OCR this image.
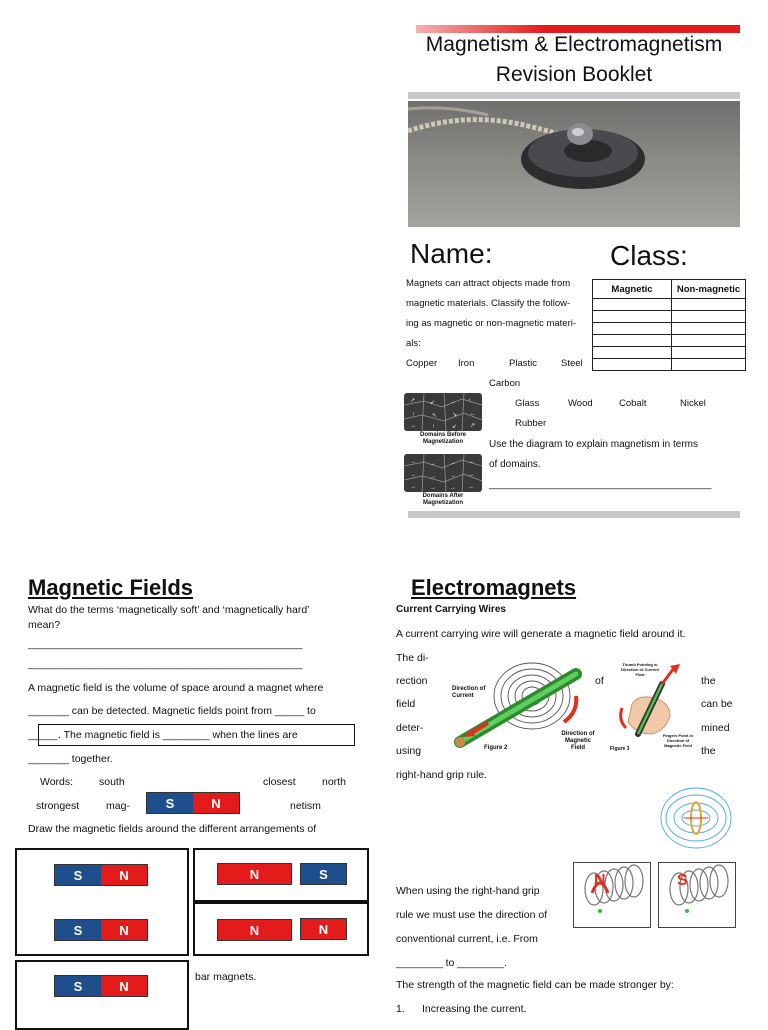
Magnetism & Electromagnetism
Revision Booklet
Name:	Class:
Magnets can attract objects made from
magnetic materials. Classify the follow-
ing as magnetic or non-magnetic materi-
als:
Copper Iron	Plastic	Steel
Carbon
Glass	Wood	Cobalt	Nickel
Rubber
Magnetic	Non-magnetic

↗ ↙ → ↑
↓	↖ ↘ ←
→	↑	↙ ↗
Domains Before Magnetization
→ → → →
→ → → →
→ → → →
Domains After Magnetization
Use the diagram to explain magnetism in terms
of domains.
________________________________________
Magnetic Fields
What do the terms ‘magnetically soft’ and ‘magnetically hard’
mean?
_______________________________________________
_______________________________________________
A magnetic field is the volume of space around a magnet where
_______ can be detected. Magnetic fields point from _____ to
_____ . The magnetic field is ________ when the lines are
_______ together.
Words: south	closest	north
strongest	mag-	netism
S	N
Draw the magnetic fields around the different arrangements of
S	N
S	N
S	N
N	S
N	N
bar magnets.
Electromagnets
Current Carrying Wires
A current carrying wire will generate a magnetic field around it.
The di-
rection
field
deter-
using
of	the
can be
mined
the
right-hand grip rule.
Direction of Current
Direction of Magnetic Field
Figure 2
Thumb Pointing in Direction of Current Flow
Fingers Point in Direction of Magnetic Field
Figure 3
N	S
When using the right-hand grip
rule we must use the direction of
conventional current, i.e. From
________ to ________.
The strength of the magnetic field can be made stronger by:
1. Increasing the current.
